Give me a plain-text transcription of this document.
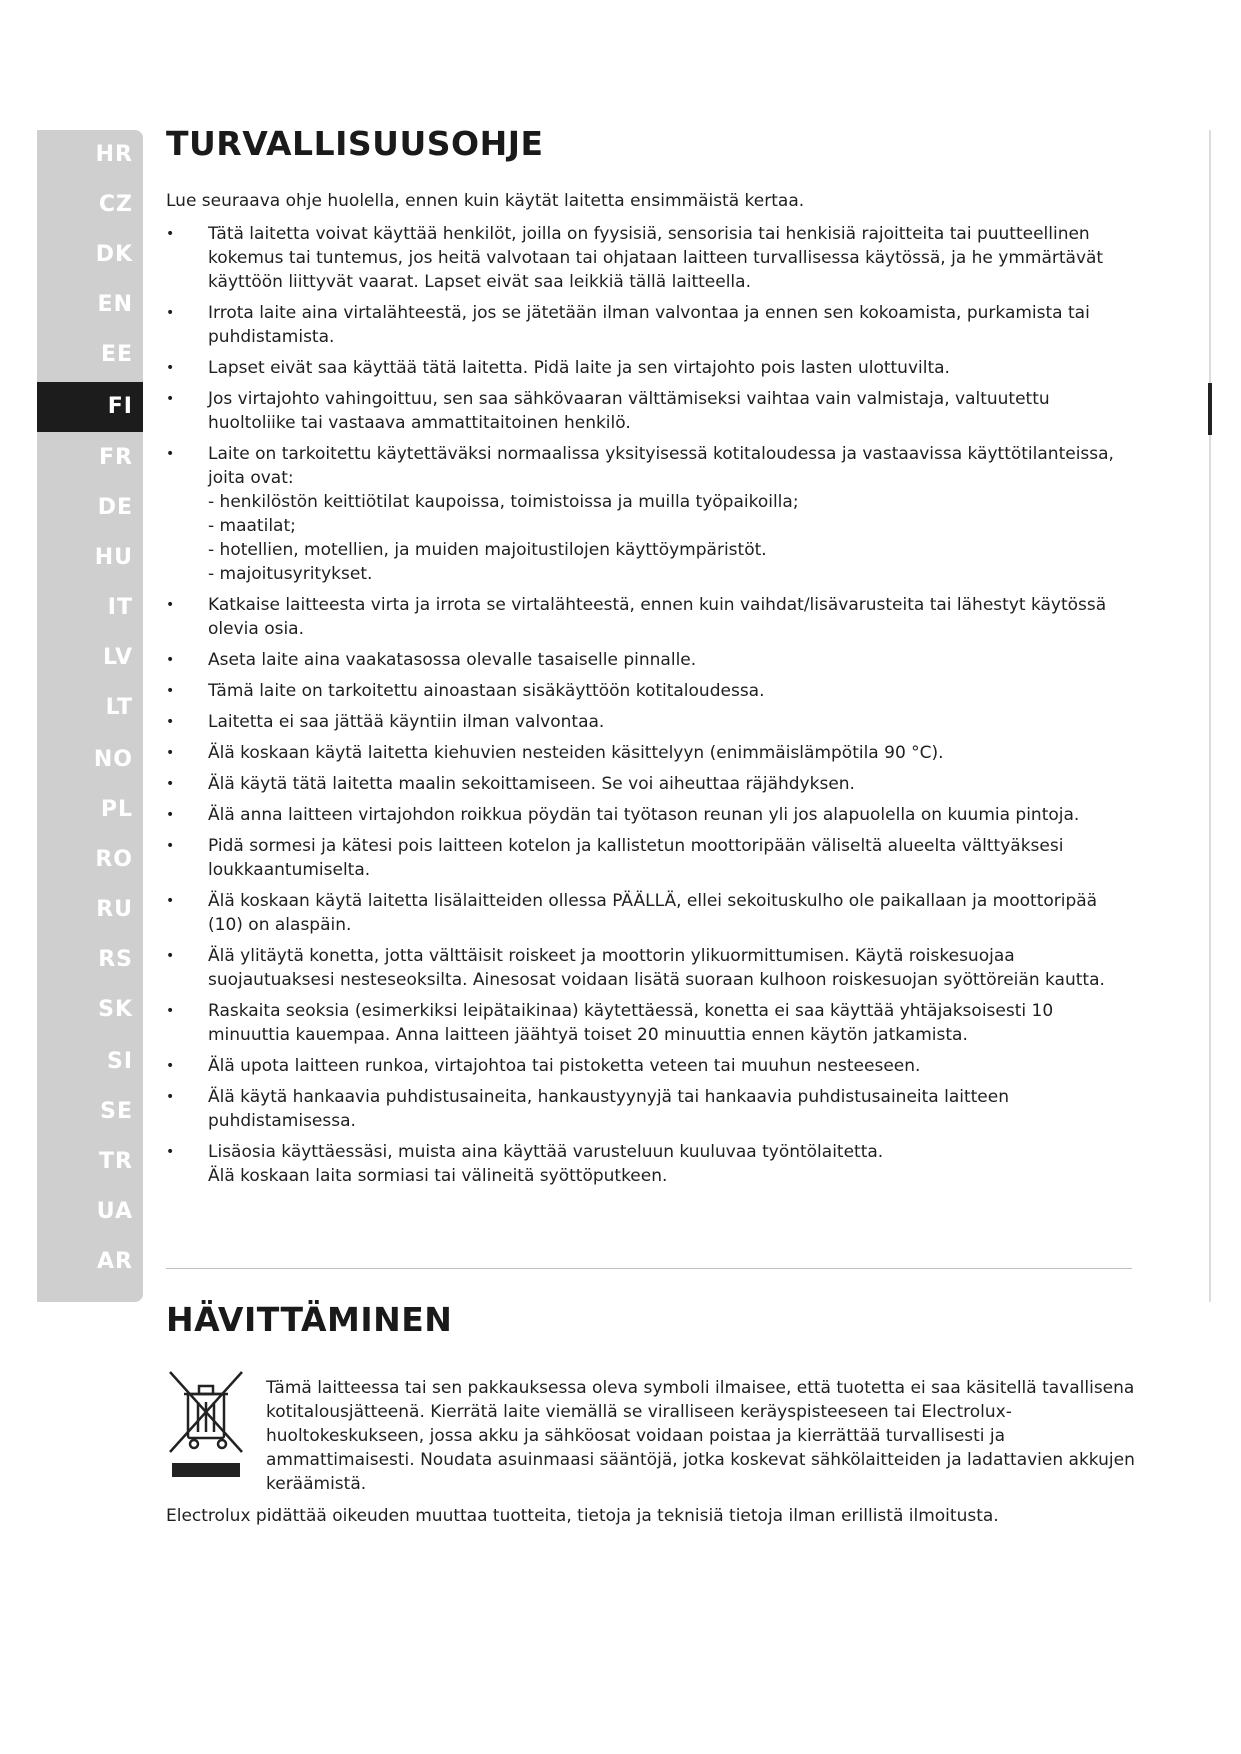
HR
CZ
DK
EN
EE
FI
FR
DE
HU
IT
LV
LT
NO
PL
RO
RU
RS
SK
SI
SE
TR
UA
AR
TURVALLISUUSOHJE
Lue seuraava ohje huolella, ennen kuin käytät laitetta ensimmäistä kertaa.
• Tätä laitetta voivat käyttää henkilöt, joilla on fyysisiä, sensorisia tai henkisiä rajoitteita tai puutteellinen kokemus tai tuntemus, jos heitä valvotaan tai ohjataan laitteen turvallisessa käytössä, ja he ymmärtävät käyttöön liittyvät vaarat. Lapset eivät saa leikkiä tällä laitteella.
• Irrota laite aina virtalähteestä, jos se jätetään ilman valvontaa ja ennen sen kokoamista, purkamista tai puhdistamista.
• Lapset eivät saa käyttää tätä laitetta. Pidä laite ja sen virtajohto pois lasten ulottuvilta.
• Jos virtajohto vahingoittuu, sen saa sähkövaaran välttämiseksi vaihtaa vain valmistaja, valtuutettu huoltoliike tai vastaava ammattitaitoinen henkilö.
• Laite on tarkoitettu käytettäväksi normaalissa yksityisessä kotitaloudessa ja vastaavissa käyttötilanteissa, joita ovat:
- henkilöstön keittiötilat kaupoissa, toimistoissa ja muilla työpaikoilla;
- maatilat;
- hotellien, motellien, ja muiden majoitustilojen käyttöympäristöt.
- majoitusyritykset.
• Katkaise laitteesta virta ja irrota se virtalähteestä, ennen kuin vaihdat/lisävarusteita tai lähestyt käytössä olevia osia.
• Aseta laite aina vaakatasossa olevalle tasaiselle pinnalle.
• Tämä laite on tarkoitettu ainoastaan sisäkäyttöön kotitaloudessa.
• Laitetta ei saa jättää käyntiin ilman valvontaa.
• Älä koskaan käytä laitetta kiehuvien nesteiden käsittelyyn (enimmäislämpötila 90 °C).
• Älä käytä tätä laitetta maalin sekoittamiseen. Se voi aiheuttaa räjähdyksen.
• Älä anna laitteen virtajohdon roikkua pöydän tai työtason reunan yli jos alapuolella on kuumia pintoja.
• Pidä sormesi ja kätesi pois laitteen kotelon ja kallistetun moottoripään väliseltä alueelta välttyäksesi loukkaantumiselta.
• Älä koskaan käytä laitetta lisälaitteiden ollessa PÄÄLLÄ, ellei sekoituskulho ole paikallaan ja moottoripää (10) on alaspäin.
• Älä ylitäytä konetta, jotta välttäisit roiskeet ja moottorin ylikuormittumisen. Käytä roiskesuojaa suojautuaksesi nesteseoksilta. Ainesosat voidaan lisätä suoraan kulhoon roiskesuojan syöttöreiän kautta.
• Raskaita seoksia (esimerkiksi leipätaikinaa) käytettäessä, konetta ei saa käyttää yhtäjaksoisesti 10 minuuttia kauempaa. Anna laitteen jäähtyä toiset 20 minuuttia ennen käytön jatkamista.
• Älä upota laitteen runkoa, virtajohtoa tai pistoketta veteen tai muuhun nesteeseen.
• Älä käytä hankaavia puhdistusaineita, hankaustyynyjä tai hankaavia puhdistusaineita laitteen puhdistamisessa.
• Lisäosia käyttäessäsi, muista aina käyttää varusteluun kuuluvaa työntölaitetta.
Älä koskaan laita sormiasi tai välineitä syöttöputkeen.
HÄVITTÄMINEN

Tämä laitteessa tai sen pakkauksessa oleva symboli ilmaisee, että tuotetta ei saa käsitellä tavallisena kotitalousjätteenä. Kierrätä laite viemällä se viralliseen keräyspisteeseen tai Electrolux-huoltokeskukseen, jossa akku ja sähköosat voidaan poistaa ja kierrättää turvallisesti ja ammattimaisesti. Noudata asuinmaasi sääntöjä, jotka koskevat sähkölaitteiden ja ladattavien akkujen keräämistä.

Electrolux pidättää oikeuden muuttaa tuotteita, tietoja ja teknisiä tietoja ilman erillistä ilmoitusta.
